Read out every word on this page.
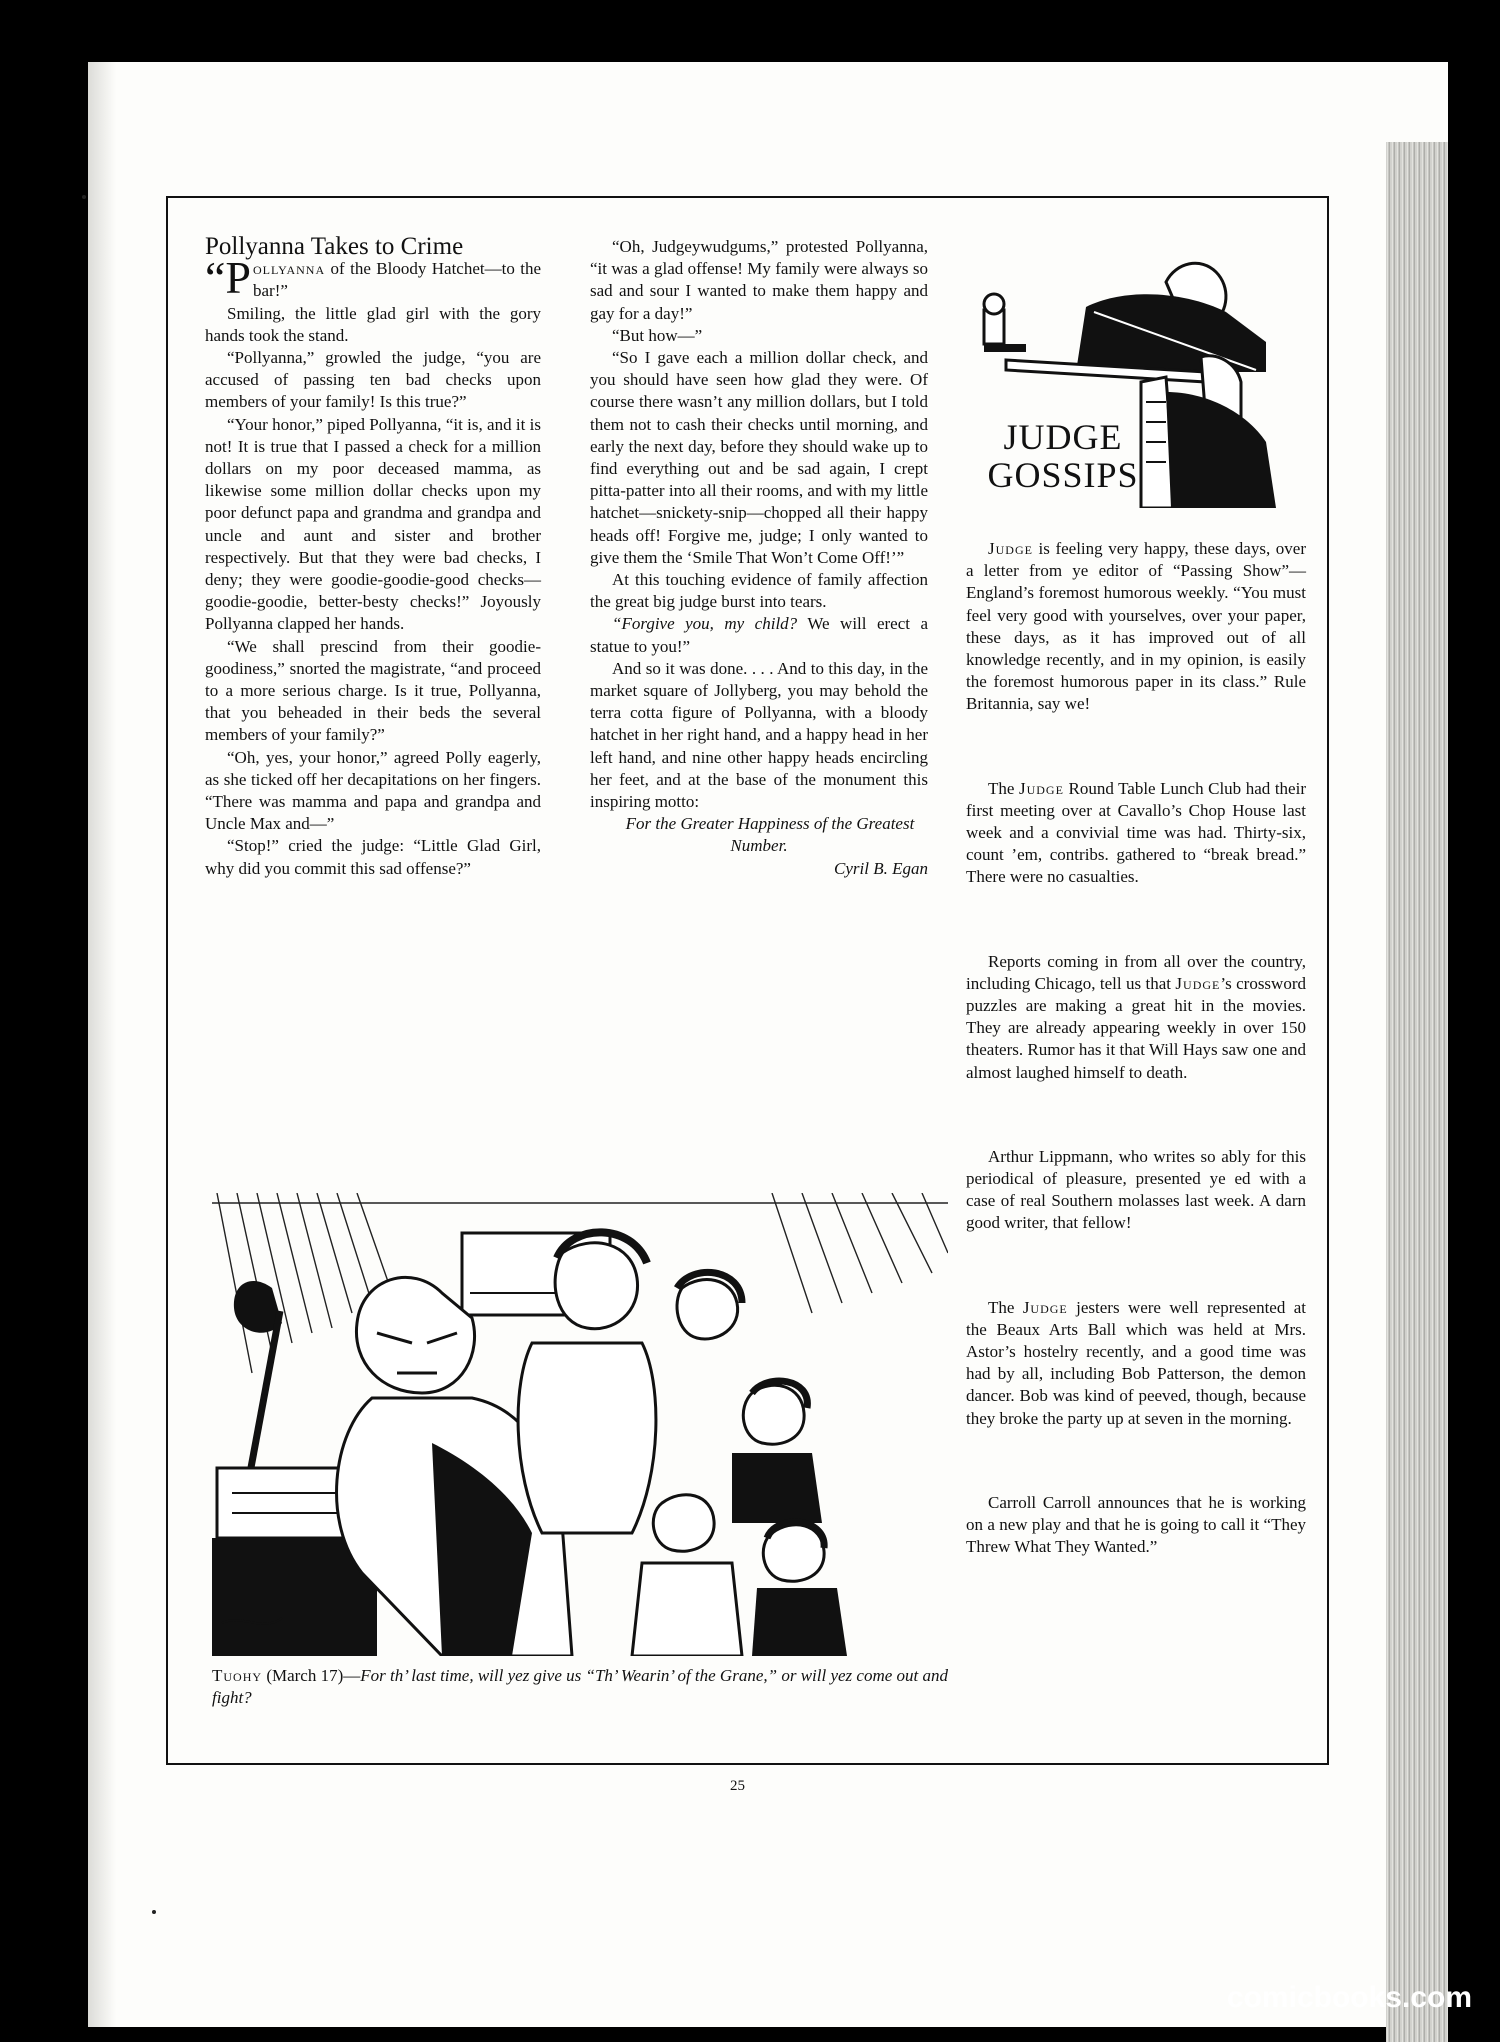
Pollyanna Takes to Crime

“Pollyanna of the Bloody Hatchet—to the bar!”

Smiling, the little glad girl with the gory hands took the stand.

“Pollyanna,” growled the judge, “you are accused of passing ten bad checks upon members of your family! Is this true?”

“Your honor,” piped Pollyanna, “it is, and it is not! It is true that I passed a check for a million dollars on my poor deceased mamma, as likewise some million dollar checks upon my poor defunct papa and grandma and grandpa and uncle and aunt and sister and brother respectively. But that they were bad checks, I deny; they were goodie-goodie-good checks—goodie-goodie, better-besty checks!” Joyously Pollyanna clapped her hands.

“We shall prescind from their goodie-goodiness,” snorted the magistrate, “and proceed to a more serious charge. Is it true, Pollyanna, that you beheaded in their beds the several members of your family?”

“Oh, yes, your honor,” agreed Polly eagerly, as she ticked off her decapitations on her fingers. “There was mamma and papa and grandpa and Uncle Max and—”

“Stop!” cried the judge: “Little Glad Girl, why did you commit this sad offense?”

“Oh, Judgeywudgums,” protested Pollyanna, “it was a glad offense! My family were always so sad and sour I wanted to make them happy and gay for a day!”

“But how—”

“So I gave each a million dollar check, and you should have seen how glad they were. Of course there wasn’t any million dollars, but I told them not to cash their checks until morning, and early the next day, before they should wake up to find everything out and be sad again, I crept pitta-patter into all their rooms, and with my little hatchet—snickety-snip—chopped all their happy heads off! Forgive me, judge; I only wanted to give them the ‘Smile That Won’t Come Off!’”

At this touching evidence of family affection the great big judge burst into tears.

“Forgive you, my child? We will erect a statue to you!”

And so it was done. . . . And to this day, in the market square of Jollyberg, you may behold the terra cotta figure of Pollyanna, with a bloody hatchet in her right hand, and a happy head in her left hand, and nine other happy heads encircling her feet, and at the base of the monument this inspiring motto:

For the Greater Happiness of the Greatest Number.

Cyril B. Egan

JUDGE
GOSSIPS

Judge is feeling very happy, these days, over a letter from ye editor of “Passing Show”—England’s foremost humorous weekly. “You must feel very good with yourselves, over your paper, these days, as it has improved out of all knowledge recently, and in my opinion, is easily the foremost humorous paper in its class.” Rule Britannia, say we!

The Judge Round Table Lunch Club had their first meeting over at Cavallo’s Chop House last week and a convivial time was had. Thirty-six, count ’em, contribs. gathered to “break bread.” There were no casualties.

Reports coming in from all over the country, including Chicago, tell us that Judge’s crossword puzzles are making a great hit in the movies. They are already appearing weekly in over 150 theaters. Rumor has it that Will Hays saw one and almost laughed himself to death.

Arthur Lippmann, who writes so ably for this periodical of pleasure, presented ye ed with a case of real Southern molasses last week. A darn good writer, that fellow!

The Judge jesters were well represented at the Beaux Arts Ball which was held at Mrs. Astor’s hostelry recently, and a good time was had by all, including Bob Patterson, the demon dancer. Bob was kind of peeved, though, because they broke the party up at seven in the morning.

Carroll Carroll announces that he is working on a new play and that he is going to call it “They Threw What They Wanted.”

Tuohy (March 17)—For th’ last time, will yez give us “Th’ Wearin’ of the Grane,” or will yez come out and fight?
25
comicbooks.com
